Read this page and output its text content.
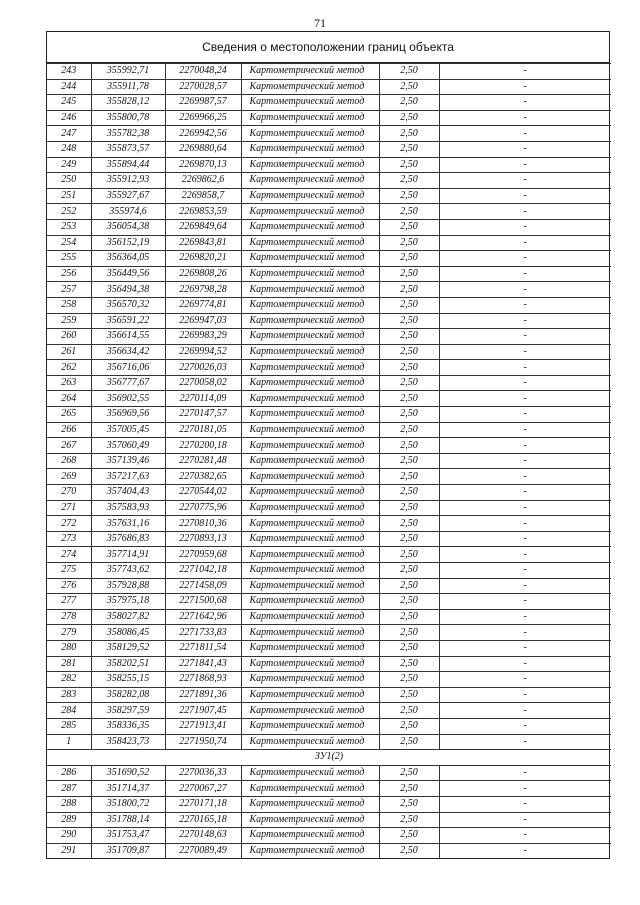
71
Сведения о местоположении границ объекта
243	355992,71	2270048,24	Картометрический метод	2,50	-
244	355911,78	2270028,57	Картометрический метод	2,50	-
245	355828,12	2269987,57	Картометрический метод	2,50	-
246	355800,78	2269966,25	Картометрический метод	2,50	-
247	355782,38	2269942,56	Картометрический метод	2,50	-
248	355873,57	2269880,64	Картометрический метод	2,50	-
249	355894,44	2269870,13	Картометрический метод	2,50	-
250	355912,93	2269862,6	Картометрический метод	2,50	-
251	355927,67	2269858,7	Картометрический метод	2,50	-
252	355974,6	2269853,59	Картометрический метод	2,50	-
253	356054,38	2269849,64	Картометрический метод	2,50	-
254	356152,19	2269843,81	Картометрический метод	2,50	-
255	356364,05	2269820,21	Картометрический метод	2,50	-
256	356449,56	2269808,26	Картометрический метод	2,50	-
257	356494,38	2269798,28	Картометрический метод	2,50	-
258	356570,32	2269774,81	Картометрический метод	2,50	-
259	356591,22	2269947,03	Картометрический метод	2,50	-
260	356614,55	2269983,29	Картометрический метод	2,50	-
261	356634,42	2269994,52	Картометрический метод	2,50	-
262	356716,06	2270026,03	Картометрический метод	2,50	-
263	356777,67	2270058,02	Картометрический метод	2,50	-
264	356902,55	2270114,09	Картометрический метод	2,50	-
265	356969,56	2270147,57	Картометрический метод	2,50	-
266	357005,45	2270181,05	Картометрический метод	2,50	-
267	357060,49	2270200,18	Картометрический метод	2,50	-
268	357139,46	2270281,48	Картометрический метод	2,50	-
269	357217,63	2270382,65	Картометрический метод	2,50	-
270	357404,43	2270544,02	Картометрический метод	2,50	-
271	357583,93	2270775,96	Картометрический метод	2,50	-
272	357631,16	2270810,36	Картометрический метод	2,50	-
273	357686,83	2270893,13	Картометрический метод	2,50	-
274	357714,91	2270959,68	Картометрический метод	2,50	-
275	357743,62	2271042,18	Картометрический метод	2,50	-
276	357928,88	2271458,09	Картометрический метод	2,50	-
277	357975,18	2271500,68	Картометрический метод	2,50	-
278	358027,82	2271642,96	Картометрический метод	2,50	-
279	358086,45	2271733,83	Картометрический метод	2,50	-
280	358129,52	2271811,54	Картометрический метод	2,50	-
281	358202,51	2271841,43	Картометрический метод	2,50	-
282	358255,15	2271868,93	Картометрический метод	2,50	-
283	358282,08	2271891,36	Картометрический метод	2,50	-
284	358297,59	2271907,45	Картометрический метод	2,50	-
285	358336,35	2271913,41	Картометрический метод	2,50	-
1	358423,73	2271950,74	Картометрический метод	2,50	-
ЗУ1(2)					
286	351690,52	2270036,33	Картометрический метод	2,50	-
287	351714,37	2270067,27	Картометрический метод	2,50	-
288	351800,72	2270171,18	Картометрический метод	2,50	-
289	351788,14	2270165,18	Картометрический метод	2,50	-
290	351753,47	2270148,63	Картометрический метод	2,50	-
291	351709,87	2270089,49	Картометрический метод	2,50	-
